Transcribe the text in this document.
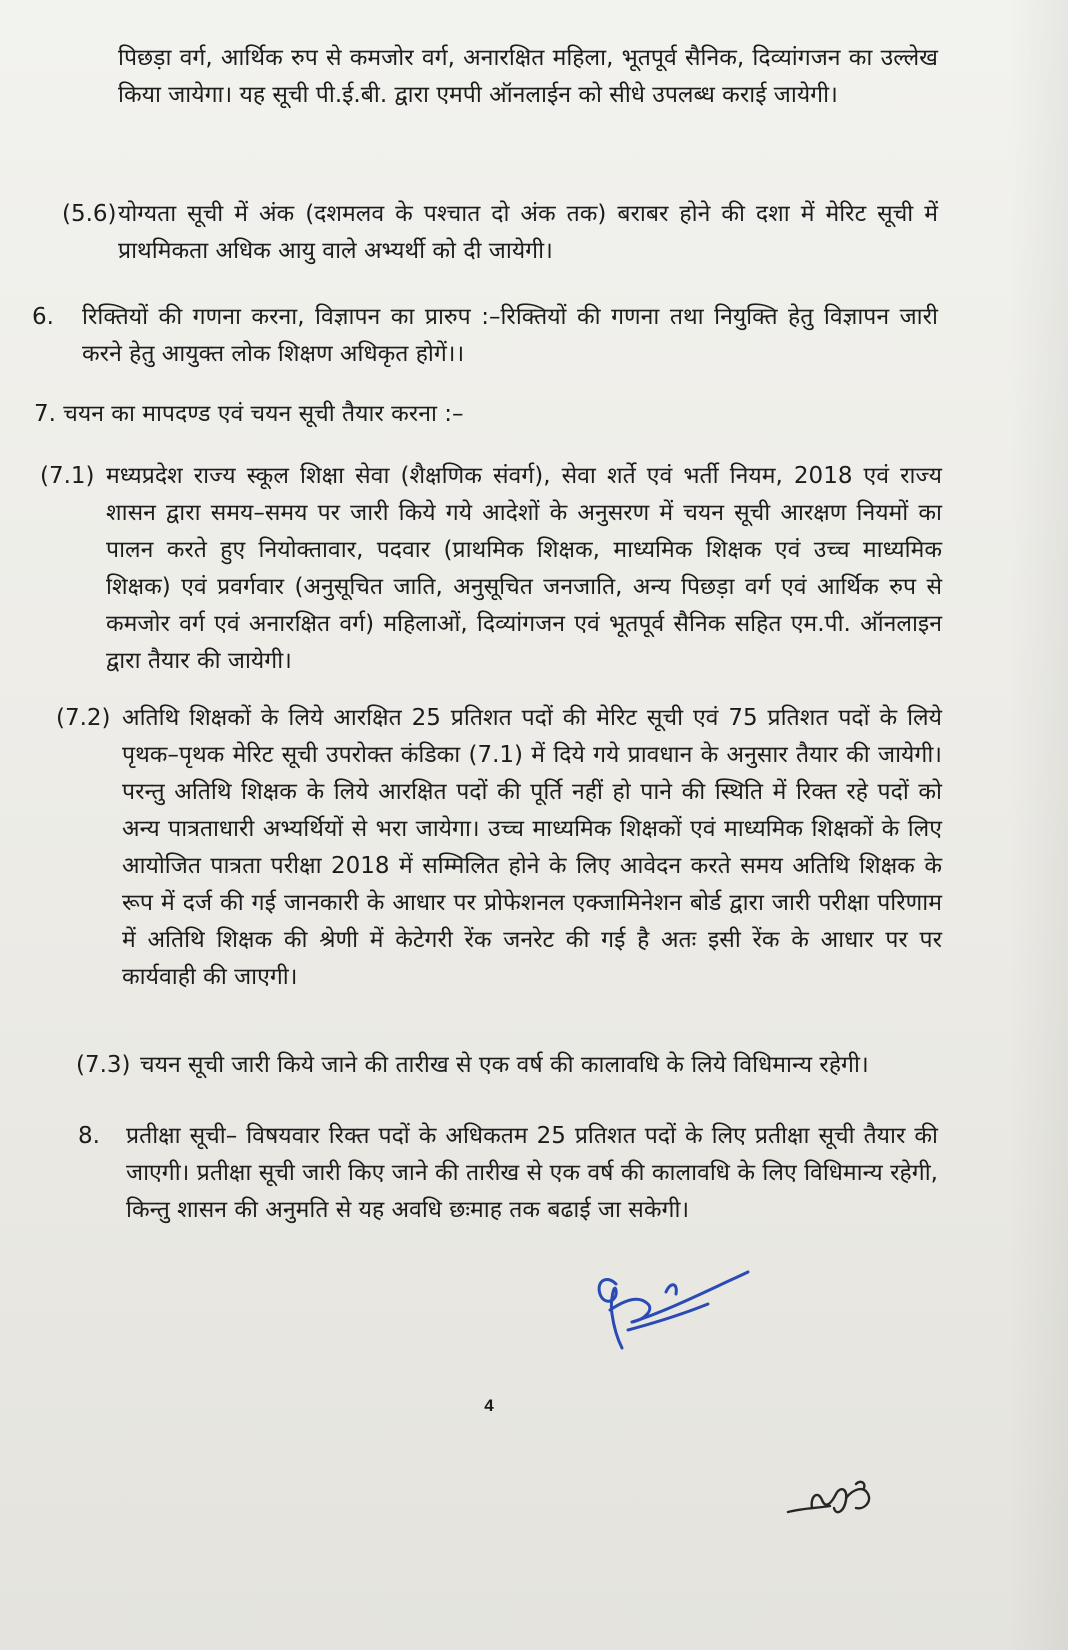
पिछड़ा वर्ग, आर्थिक रुप से कमजोर वर्ग, अनारक्षित महिला, भूतपूर्व सैनिक, दिव्यांगजन का उल्लेख किया जायेगा। यह सूची पी.ई.बी. द्वारा एमपी ऑनलाईन को सीधे उपलब्ध कराई जायेगी।
(5.6) योग्यता सूची में अंक (दशमलव के पश्चात दो अंक तक) बराबर होने की दशा में मेरिट सूची में प्राथमिकता अधिक आयु वाले अभ्यर्थी को दी जायेगी।
6.	रिक्तियों की गणना करना, विज्ञापन का प्रारुप :–रिक्तियों की गणना तथा नियुक्ति हेतु विज्ञापन जारी करने हेतु आयुक्त लोक शिक्षण अधिकृत होगें।।
7. चयन का मापदण्ड एवं चयन सूची तैयार करना :–
(7.1) मध्यप्रदेश राज्य स्कूल शिक्षा सेवा (शैक्षणिक संवर्ग), सेवा शर्ते एवं भर्ती नियम, 2018 एवं राज्य शासन द्वारा समय–समय पर जारी किये गये आदेशों के अनुसरण में चयन सूची आरक्षण नियमों का पालन करते हुए नियोक्तावार, पदवार (प्राथमिक शिक्षक, माध्यमिक शिक्षक एवं उच्च माध्यमिक शिक्षक) एवं प्रवर्गवार (अनुसूचित जाति, अनुसूचित जनजाति, अन्य पिछड़ा वर्ग एवं आर्थिक रुप से कमजोर वर्ग एवं अनारक्षित वर्ग) महिलाओं, दिव्यांगजन एवं भूतपूर्व सैनिक सहित एम.पी. ऑनलाइन द्वारा तैयार की जायेगी।
(7.2) अतिथि शिक्षकों के लिये आरक्षित 25 प्रतिशत पदों की मेरिट सूची एवं 75 प्रतिशत पदों के लिये पृथक–पृथक मेरिट सूची उपरोक्त कंडिका (7.1) में दिये गये प्रावधान के अनुसार तैयार की जायेगी। परन्तु अतिथि शिक्षक के लिये आरक्षित पदों की पूर्ति नहीं हो पाने की स्थिति में रिक्त रहे पदों को अन्य पात्रताधारी अभ्यर्थियों से भरा जायेगा। उच्च माध्यमिक शिक्षकों एवं माध्यमिक शिक्षकों के लिए आयोजित पात्रता परीक्षा 2018 में सम्मिलित होने के लिए आवेदन करते समय अतिथि शिक्षक के रूप में दर्ज की गई जानकारी के आधार पर प्रोफेशनल एक्जामिनेशन बोर्ड द्वारा जारी परीक्षा परिणाम में अतिथि शिक्षक की श्रेणी में केटेगरी रेंक जनरेट की गई है अतः इसी रेंक के आधार पर पर कार्यवाही की जाएगी।
(7.3) चयन सूची जारी किये जाने की तारीख से एक वर्ष की कालावधि के लिये विधिमान्य रहेगी।
8.	प्रतीक्षा सूची– विषयवार रिक्त पदों के अधिकतम 25 प्रतिशत पदों के लिए प्रतीक्षा सूची तैयार की जाएगी। प्रतीक्षा सूची जारी किए जाने की तारीख से एक वर्ष की कालावधि के लिए विधिमान्य रहेगी, किन्तु शासन की अनुमति से यह अवधि छःमाह तक बढाई जा सकेगी।
4
